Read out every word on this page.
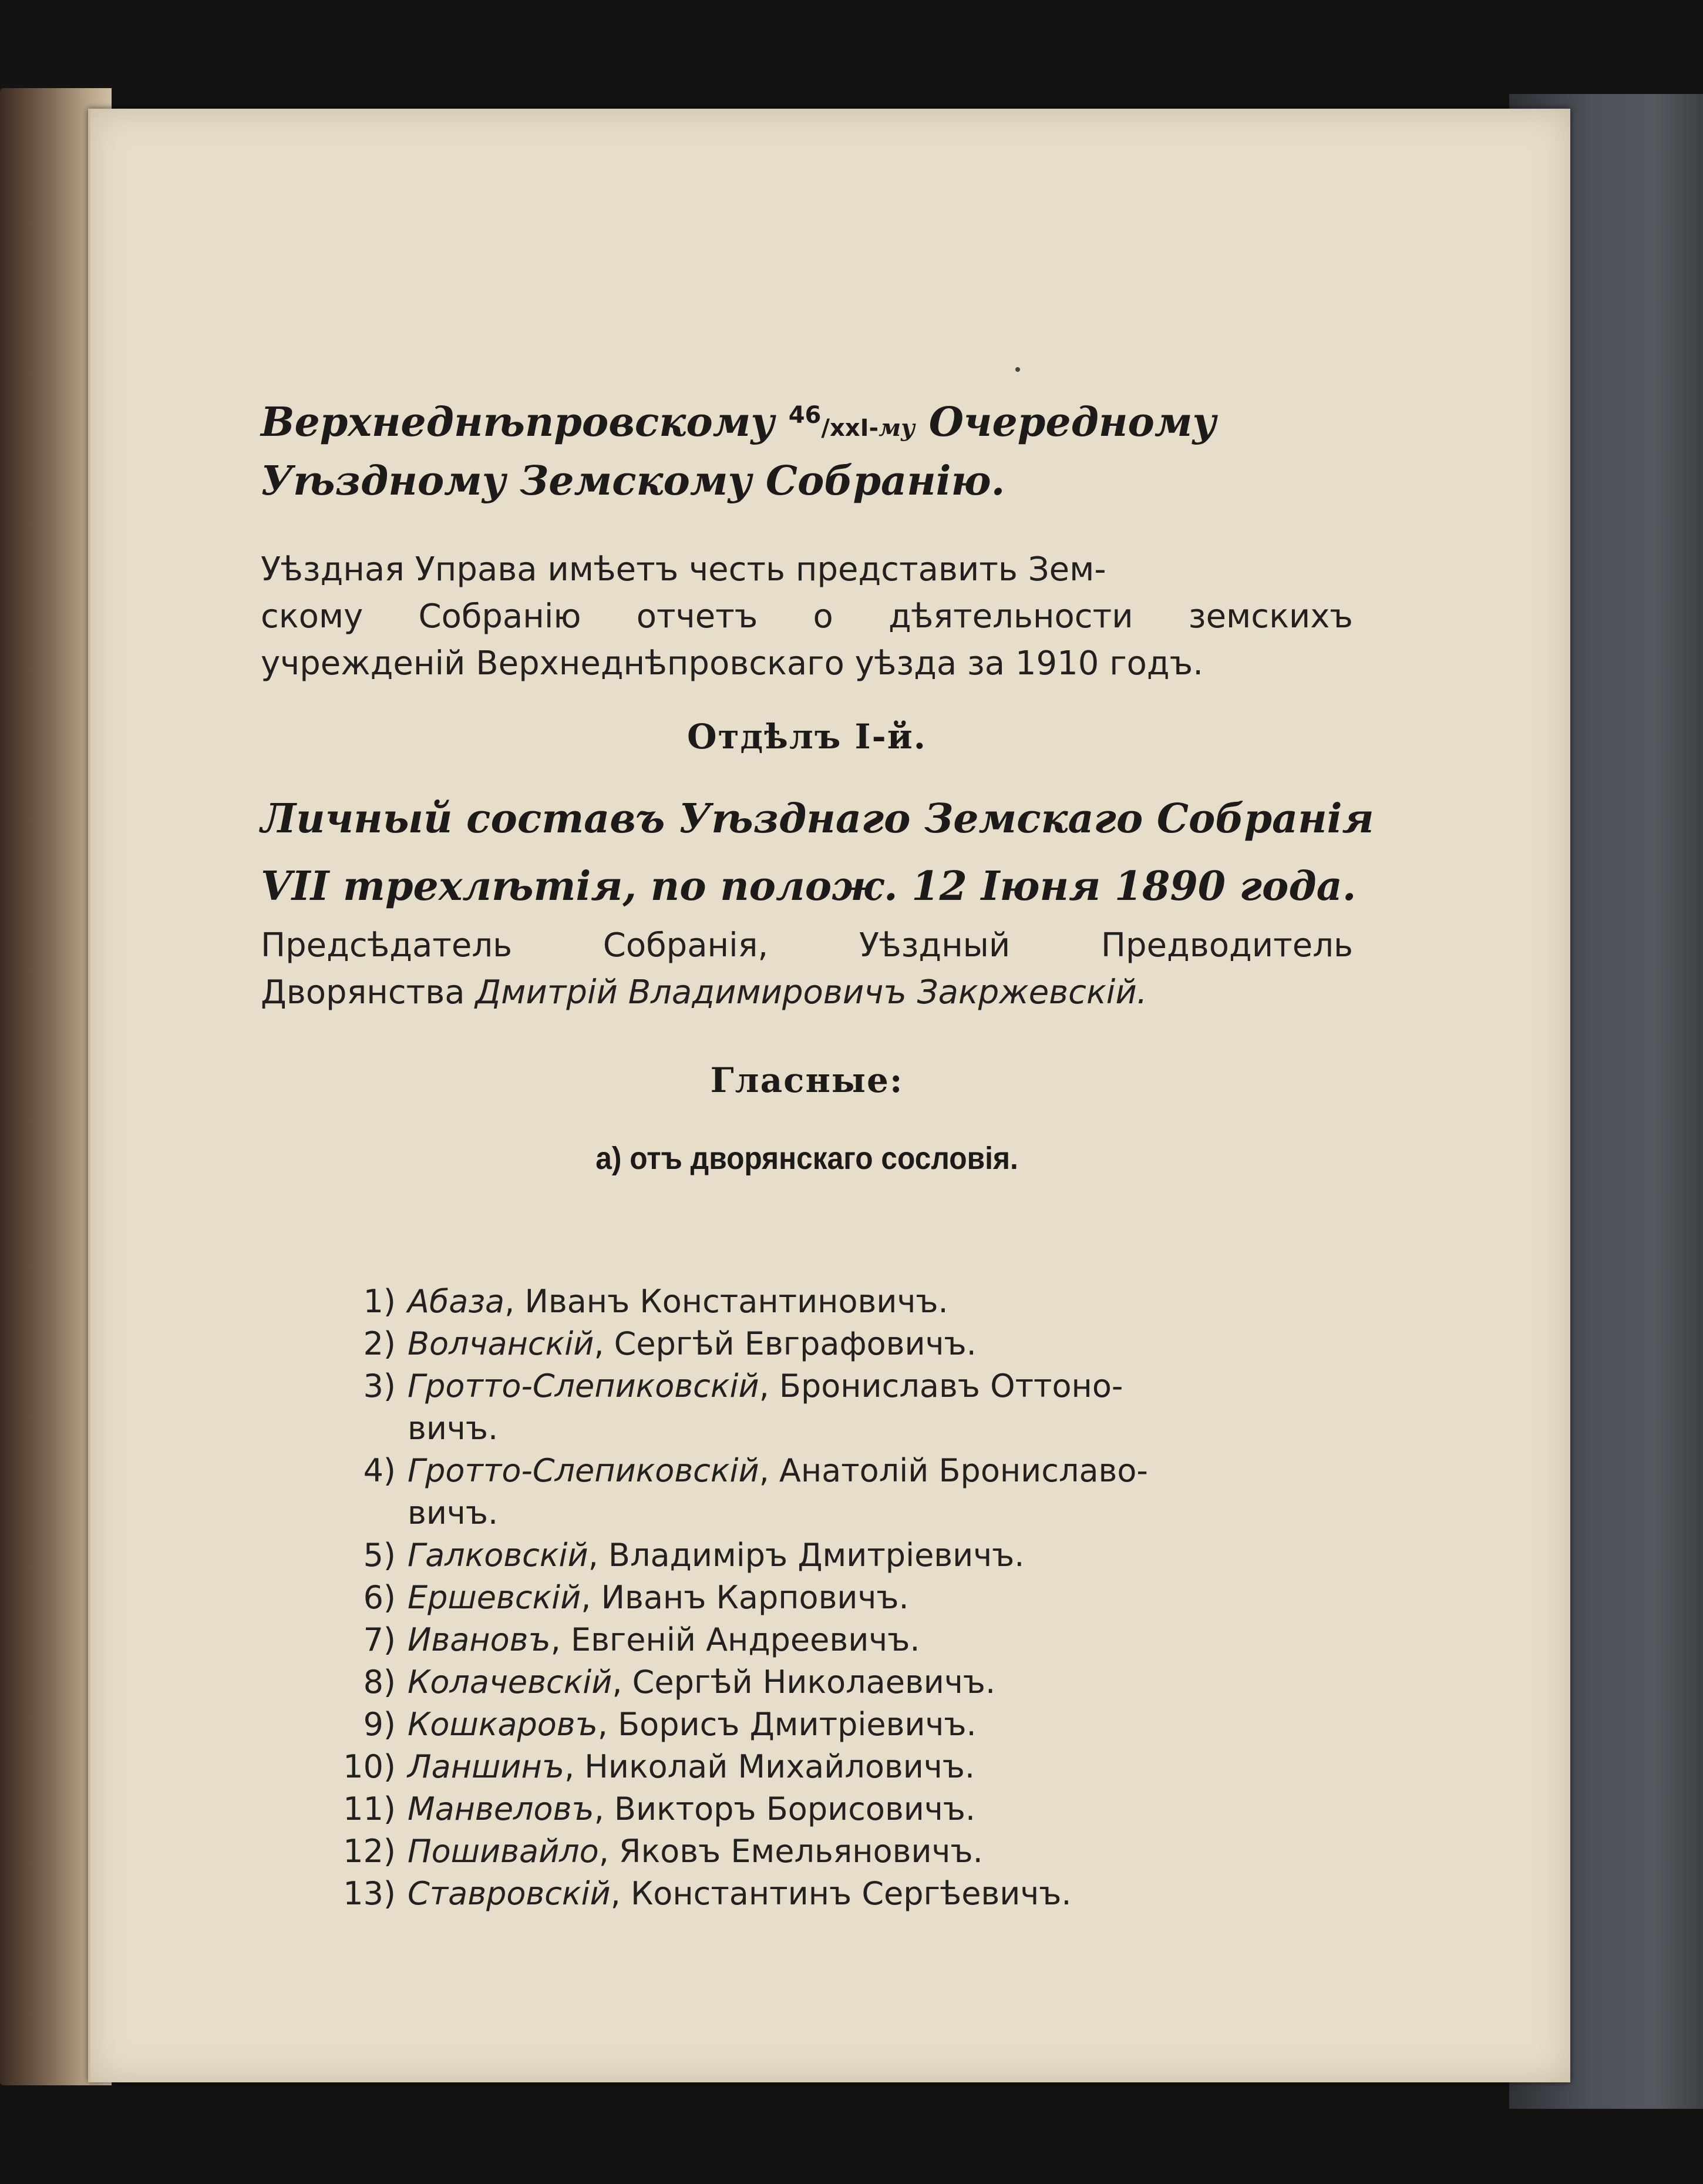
Верхнеднѣпровскому $^{46}$/xxI-му Очередному
Уѣздному Земскому Собранію.
Уѣздная Управа имѣетъ честь представить Зем-
скому Собранію отчетъ о дѣятельности земскихъ
учрежденій Верхнеднѣпровскаго уѣзда за 1910 годъ.
Отдѣлъ I-й.
Личный составъ Уѣзднаго Земскаго Собранія
VII трехлѣтія, по полож. 12 Іюня 1890 года.
Предсѣдатель Собранія, Уѣздный Предводитель
Дворянства Дмитрій Владимировичъ Закржевскій.
Гласные:
а) отъ дворянскаго сословія.
1) Абаза, Иванъ Константиновичъ.
2) Волчанскій, Сергѣй Евграфовичъ.
3) Гротто-Слепиковскій, Брониславъ Оттоно-
вичъ.
4) Гротто-Слепиковскій, Анатолій Брониславо-
вичъ.
5) Галковскій, Владиміръ Дмитріевичъ.
6) Ершевскій, Иванъ Карповичъ.
7) Ивановъ, Евгеній Андреевичъ.
8) Колачевскій, Сергѣй Николаевичъ.
9) Кошкаровъ, Борисъ Дмитріевичъ.
10) Ланшинъ, Николай Михайловичъ.
11) Манвеловъ, Викторъ Борисовичъ.
12) Пошивайло, Яковъ Емельяновичъ.
13) Ставровскій, Константинъ Сергѣевичъ.
